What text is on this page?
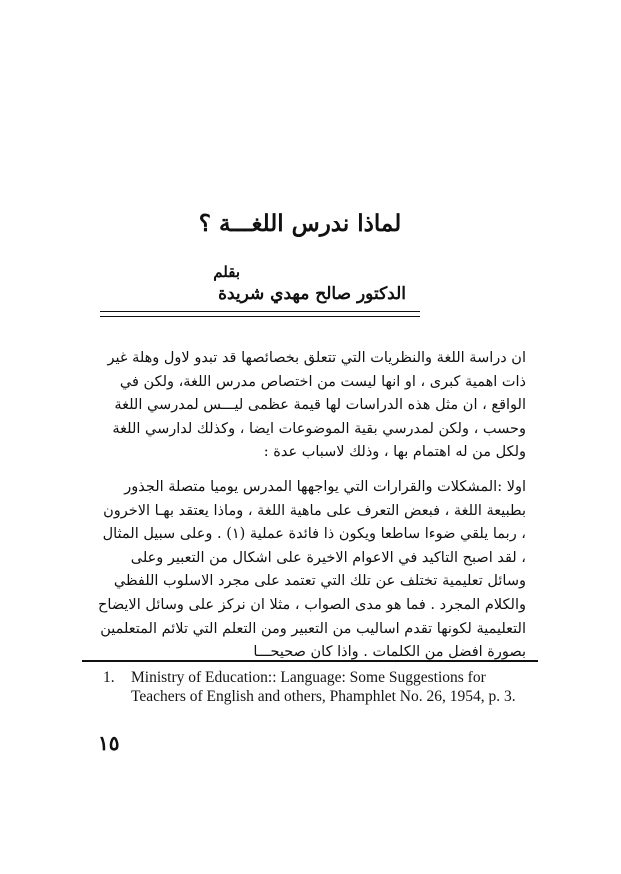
لماذا ندرس اللغـــة ؟
بقلم
الدكتور صالح مهدي شريدة
ان دراسة اللغة والنظريات التي تتعلق بخصائصها قد تبدو لاول وهلة غير ذات اهمية كبرى ، او انها ليست من اختصاص مدرس اللغة، ولكن في الواقع ، ان مثل هذه الدراسات لها قيمة عظمى ليـــس لمدرسي اللغة وحسب ، ولكن لمدرسي بقية الموضوعات ايضا ، وكذلك لدارسي اللغة ولكل من له اهتمام بها ، وذلك لاسباب عدة :
اولا :المشكلات والقرارات التي يواجهها المدرس يوميا متصلة الجذور بطبيعة اللغة ، فبعض التعرف على ماهية اللغة ، وماذا يعتقد بهـا الاخرون ، ربما يلقي ضوءا ساطعا ويكون ذا فائدة عملية (١) . وعلى سبيل المثال ، لقد اصبح التاكيد في الاعوام الاخيرة على اشكال من التعبير وعلى وسائل تعليمية تختلف عن تلك التي تعتمد على مجرد الاسلوب اللفظي والكلام المجرد . فما هو مدى الصواب ، مثلا ان نركز على وسائل الايضاح التعليمية لكونها تقدم اساليب من التعبير ومن التعلم التي تلائم المتعلمين بصورة افضل من الكلمات . واذا كان صحيحـــا
1. Ministry of Education:: Language: Some Suggestions for Teachers of English and others, Phamphlet No. 26, 1954, p. 3.
١٥
